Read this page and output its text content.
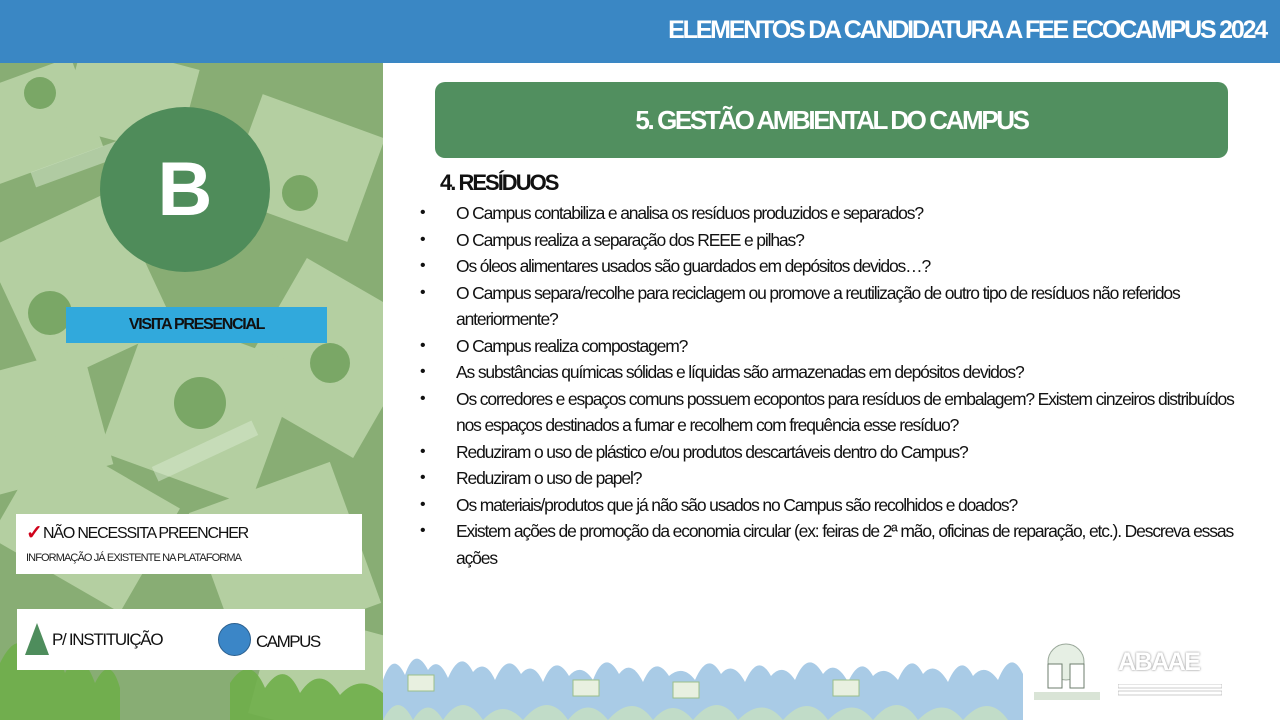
ELEMENTOS DA CANDIDATURA A FEE ECOCAMPUS 2024
B
VISITA PRESENCIAL
✓ NÃO NECESSITA PREENCHER
INFORMAÇÃO JÁ EXISTENTE NA PLATAFORMA
P/ INSTITUIÇÃO	CAMPUS
5. GESTÃO AMBIENTAL DO CAMPUS
4. RESÍDUOS
• O Campus contabiliza e analisa os resíduos produzidos e separados?
• O Campus realiza a separação dos REEE e pilhas?
• Os óleos alimentares usados são guardados em depósitos devidos…?
• O Campus separa/recolhe para reciclagem ou promove a reutilização de outro tipo de resíduos não referidos anteriormente?
• O Campus realiza compostagem?
• As substâncias químicas sólidas e líquidas são armazenadas em depósitos devidos?
• Os corredores e espaços comuns possuem ecopontos para resíduos de embalagem? Existem cinzeiros distribuídos nos espaços destinados a fumar e recolhem com frequência esse resíduo?
• Reduziram o uso de plástico e/ou produtos descartáveis dentro do Campus?
• Reduziram o uso de papel?
• Os materiais/produtos que já não são usados no Campus são recolhidos e doados?
• Existem ações de promoção da economia circular (ex: feiras de 2ª mão, oficinas de reparação, etc.). Descreva essas ações
ABAAE
